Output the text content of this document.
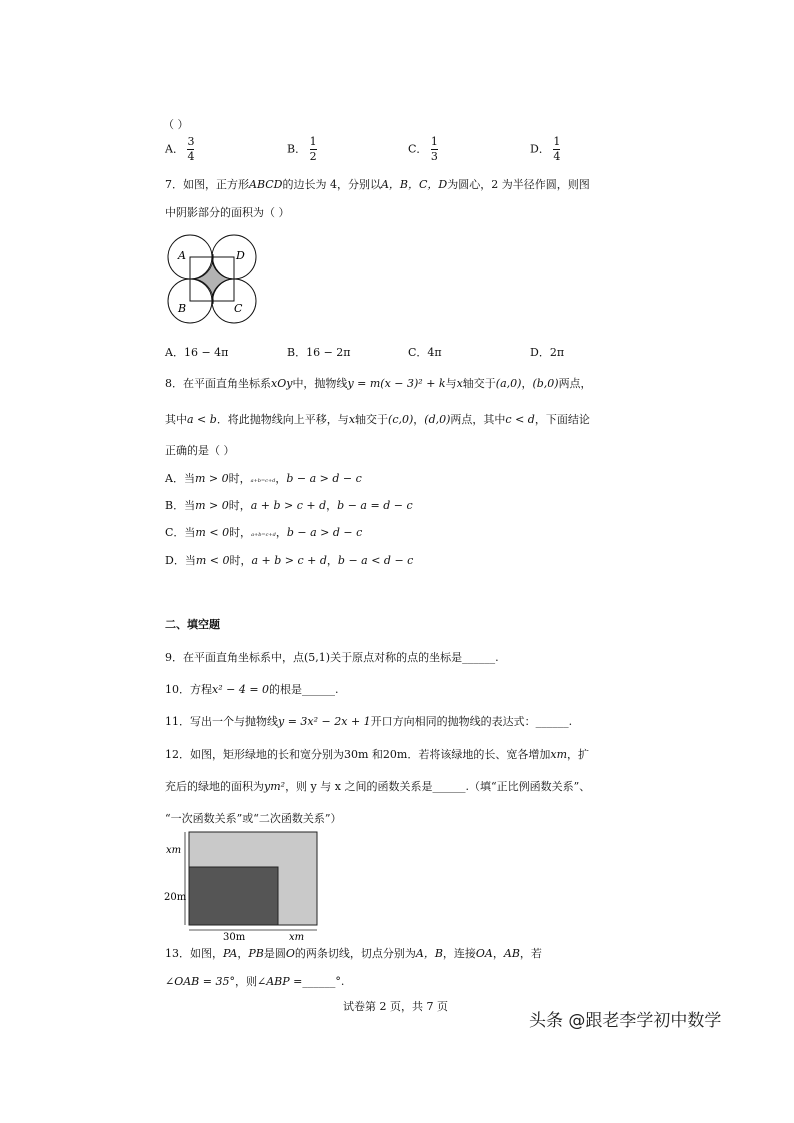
（ ）
A． $\frac{3}{4}$	B． $\frac{1}{2}$	C． $\frac{1}{3}$	D． $\frac{1}{4}$
7．如图，正方形ABCD的边长为 4，分别以A，B，C，D为圆心，2 为半径作圆，则图
中阴影部分的面积为（ ）
A	D
B	C
A．16 − 4π	B．16 − 2π	C．4π	D．2π
8．在平面直角坐标系xOy中，抛物线y = m(x − 3)² + k与x轴交于(a,0)，(b,0)两点，
其中a < b．将此抛物线向上平移，与x轴交于(c,0)，(d,0)两点，其中c < d，下面结论
正确的是（ ）
A．当m > 0时，a+b=c+d，b − a > d − c
B．当m > 0时，a + b > c + d，b − a = d − c
C．当m < 0时，a+b=c+d，b − a > d − c
D．当m < 0时，a + b > c + d，b − a < d − c
二、填空题
9．在平面直角坐标系中，点(5,1)关于原点对称的点的坐标是______.
10．方程x² − 4 = 0的根是______.
11．写出一个与抛物线y = 3x² − 2x + 1开口方向相同的抛物线的表达式：______.
12．如图，矩形绿地的长和宽分别为30m 和20m．若将该绿地的长、宽各增加xm，扩
充后的绿地的面积为ym²，则 y 与 x 之间的函数关系是______.（填“正比例函数关系”、
“一次函数关系”或“二次函数关系”）
xm
20m
30m	xm
13．如图，PA，PB是圆O的两条切线，切点分别为A，B，连接OA，AB，若
∠OAB = 35°，则∠ABP =______°.
试卷第 2 页，共 7 页
头条 @跟老李学初中数学
